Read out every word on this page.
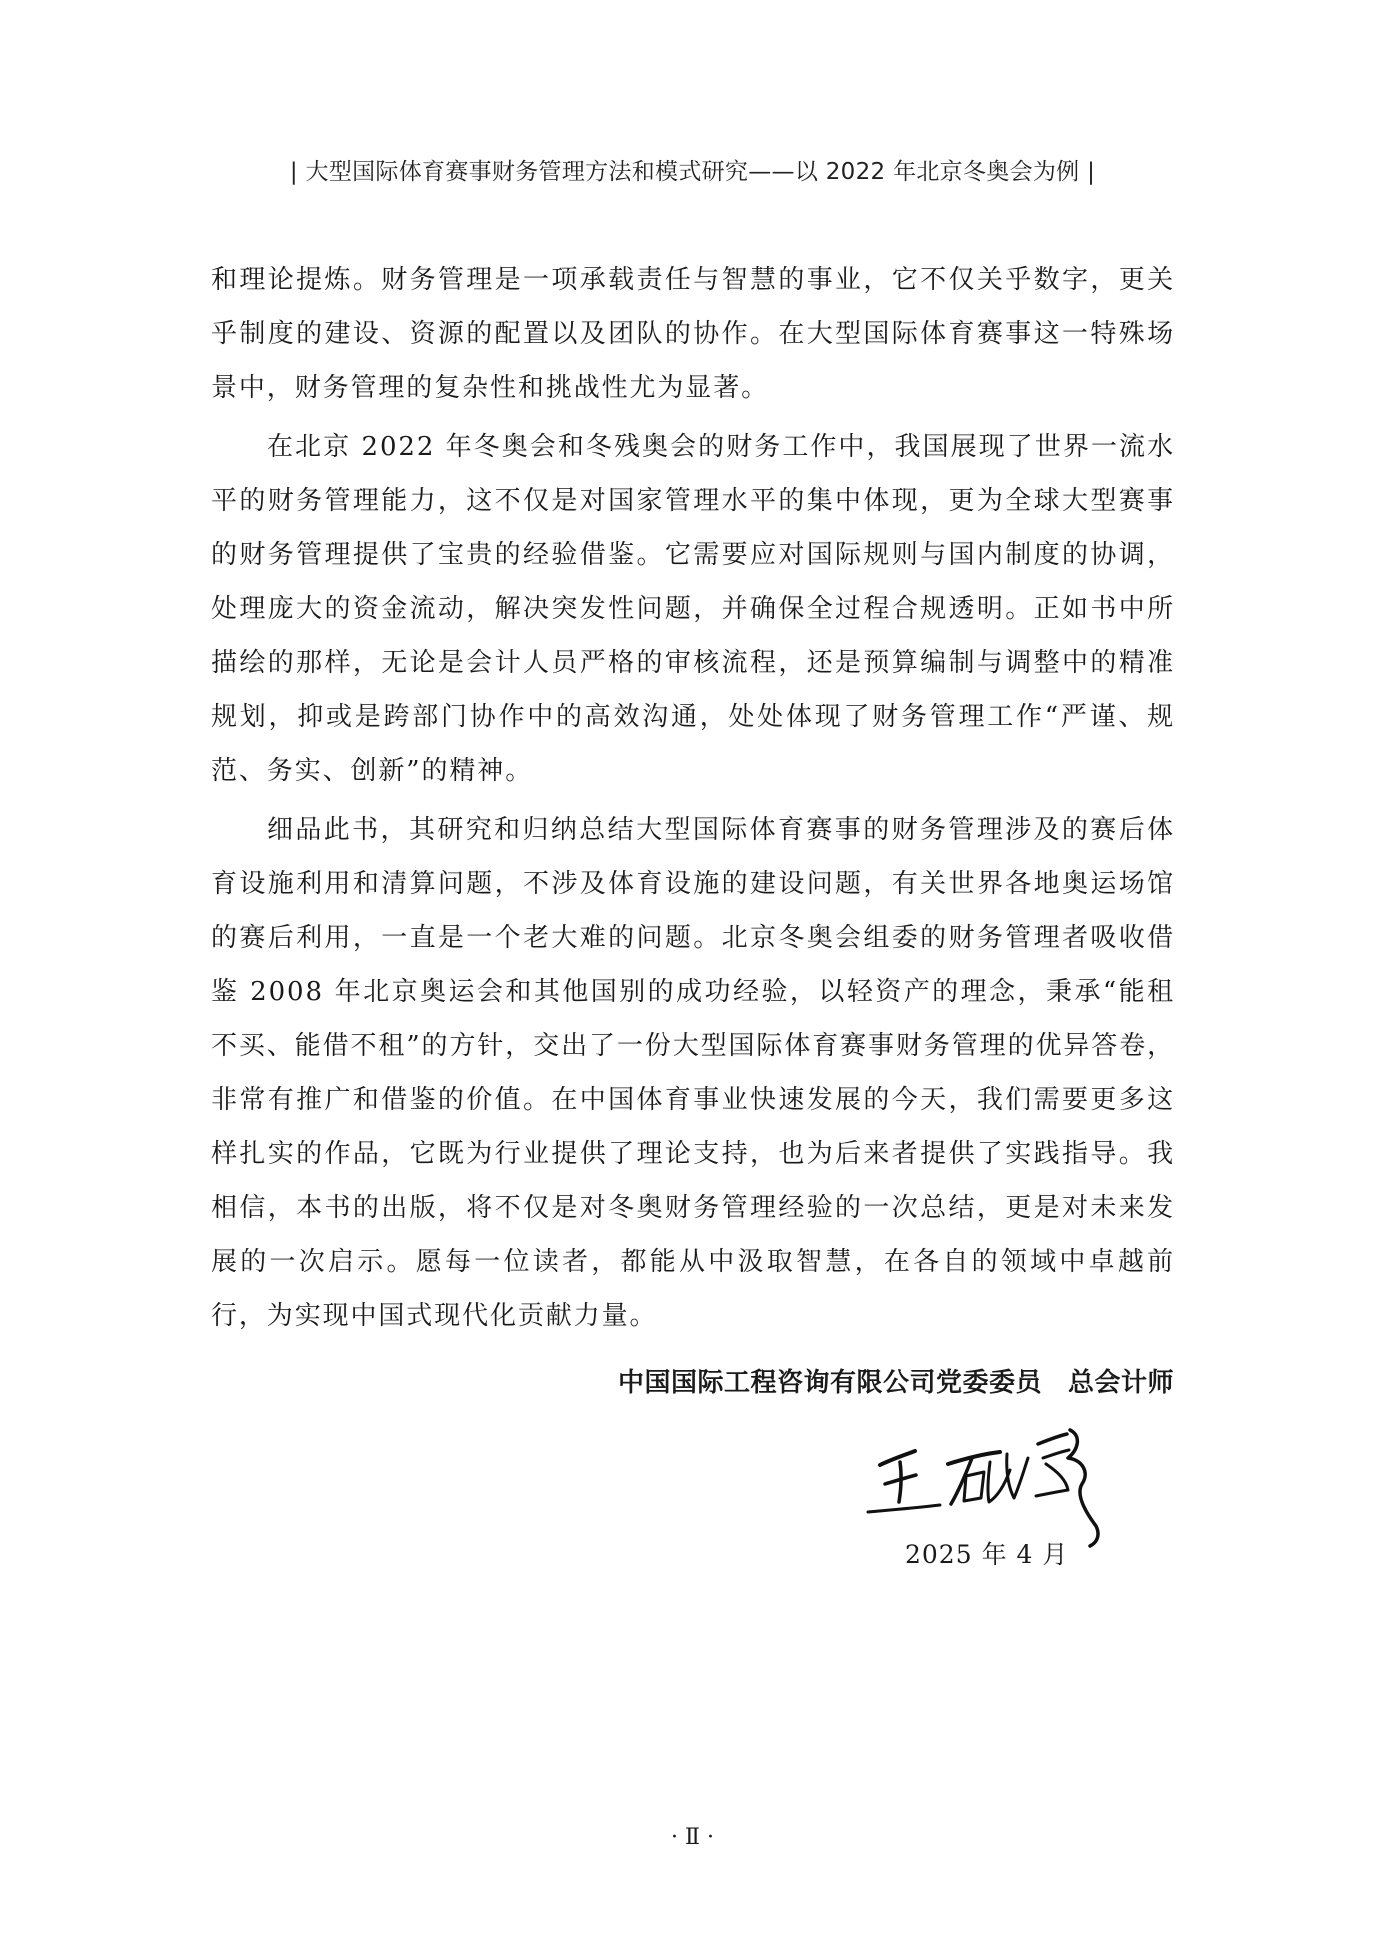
| 大型国际体育赛事财务管理方法和模式研究——以 2022 年北京冬奥会为例 |

和理论提炼。财务管理是一项承载责任与智慧的事业，它不仅关乎数字，更关乎制度的建设、资源的配置以及团队的协作。在大型国际体育赛事这一特殊场景中，财务管理的复杂性和挑战性尤为显著。

在北京 2022 年冬奥会和冬残奥会的财务工作中，我国展现了世界一流水平的财务管理能力，这不仅是对国家管理水平的集中体现，更为全球大型赛事的财务管理提供了宝贵的经验借鉴。它需要应对国际规则与国内制度的协调，处理庞大的资金流动，解决突发性问题，并确保全过程合规透明。正如书中所描绘的那样，无论是会计人员严格的审核流程，还是预算编制与调整中的精准规划，抑或是跨部门协作中的高效沟通，处处体现了财务管理工作“严谨、规范、务实、创新”的精神。

细品此书，其研究和归纳总结大型国际体育赛事的财务管理涉及的赛后体育设施利用和清算问题，不涉及体育设施的建设问题，有关世界各地奥运场馆的赛后利用，一直是一个老大难的问题。北京冬奥会组委的财务管理者吸收借鉴 2008 年北京奥运会和其他国别的成功经验，以轻资产的理念，秉承“能租不买、能借不租”的方针，交出了一份大型国际体育赛事财务管理的优异答卷，非常有推广和借鉴的价值。在中国体育事业快速发展的今天，我们需要更多这样扎实的作品，它既为行业提供了理论支持，也为后来者提供了实践指导。我相信，本书的出版，将不仅是对冬奥财务管理经验的一次总结，更是对未来发展的一次启示。愿每一位读者，都能从中汲取智慧，在各自的领域中卓越前行，为实现中国式现代化贡献力量。

中国国际工程咨询有限公司党委委员 总会计师
2025 年 4 月
· Ⅱ ·
